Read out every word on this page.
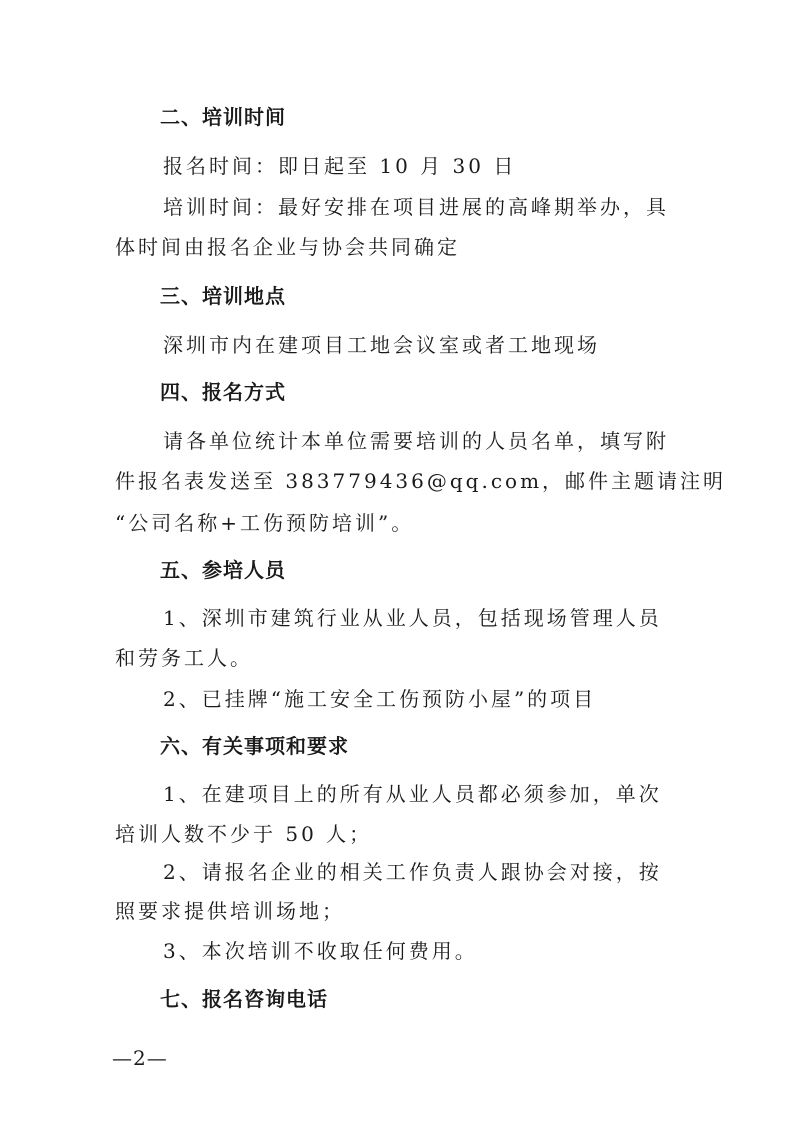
二、培训时间
报名时间：即日起至 10 月 30 日
培训时间：最好安排在项目进展的高峰期举办，具
体时间由报名企业与协会共同确定
三、培训地点
深圳市内在建项目工地会议室或者工地现场
四、报名方式
请各单位统计本单位需要培训的人员名单，填写附
件报名表发送至 383779436@qq.com，邮件主题请注明
“公司名称+工伤预防培训”。
五、参培人员
1、深圳市建筑行业从业人员，包括现场管理人员
和劳务工人。
2、已挂牌“施工安全工伤预防小屋”的项目
六、有关事项和要求
1、在建项目上的所有从业人员都必须参加，单次
培训人数不少于 50 人；
2、请报名企业的相关工作负责人跟协会对接，按
照要求提供培训场地；
3、本次培训不收取任何费用。
七、报名咨询电话
—2—
